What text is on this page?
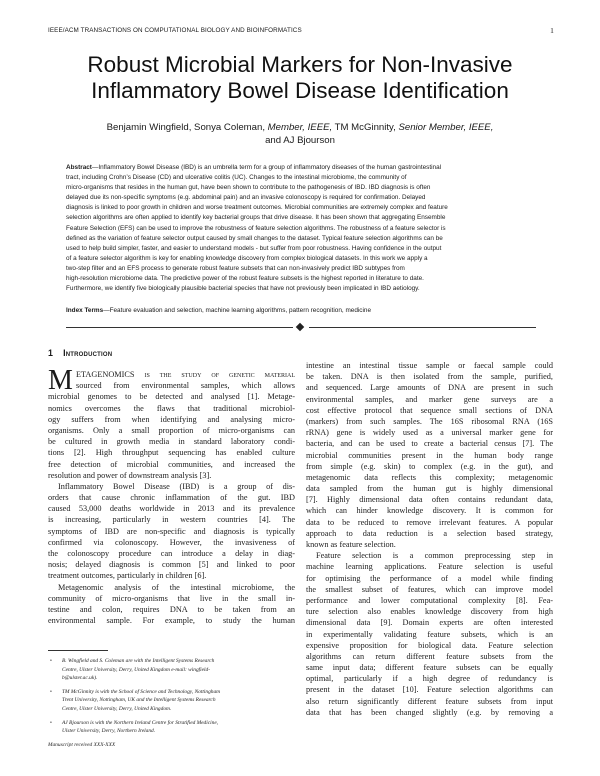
IEEE/ACM TRANSACTIONS ON COMPUTATIONAL BIOLOGY AND BIOINFORMATICS	1
Robust Microbial Markers for Non-Invasive
Inflammatory Bowel Disease Identification
Benjamin Wingfield, Sonya Coleman, Member, IEEE, TM McGinnity, Senior Member, IEEE,
and AJ Bjourson
Abstract—Inflammatory Bowel Disease (IBD) is an umbrella term for a group of inflammatory diseases of the human gastrointestinal
tract, including Crohn’s Disease (CD) and ulcerative colitis (UC). Changes to the intestinal microbiome, the community of
micro-organisms that resides in the human gut, have been shown to contribute to the pathogenesis of IBD. IBD diagnosis is often
delayed due its non-specific symptoms (e.g. abdominal pain) and an invasive colonoscopy is required for confirmation. Delayed
diagnosis is linked to poor growth in children and worse treatment outcomes. Microbial communities are extremely complex and feature
selection algorithms are often applied to identify key bacterial groups that drive disease. It has been shown that aggregating Ensemble
Feature Selection (EFS) can be used to improve the robustness of feature selection algorithms. The robustness of a feature selector is
defined as the variation of feature selector output caused by small changes to the dataset. Typical feature selection algorithms can be
used to help build simpler, faster, and easier to understand models - but suffer from poor robustness. Having confidence in the output
of a feature selector algorithm is key for enabling knowledge discovery from complex biological datasets. In this work we apply a
two-step filter and an EFS process to generate robust feature subsets that can non-invasively predict IBD subtypes from
high-resolution microbiome data. The predictive power of the robust feature subsets is the highest reported in literature to date.
Furthermore, we identify five biologically plausible bacterial species that have not previously been implicated in IBD aetiology.
Index Terms—Feature evaluation and selection, machine learning algorithms, pattern recognition, medicine
1 Introduction
M ETAGENOMICS is the study of genetic material
sourced from environmental samples, which allows
microbial genomes to be detected and analysed [1]. Metage-
nomics overcomes the flaws that traditional microbiol-
ogy suffers from when identifying and analysing micro-
organisms. Only a small proportion of micro-organisms can
be cultured in growth media in standard laboratory condi-
tions [2]. High throughput sequencing has enabled culture
free detection of microbial communities, and increased the
resolution and power of downstream analysis [3].
Inflammatory Bowel Disease (IBD) is a group of dis-
orders that cause chronic inflammation of the gut. IBD
caused 53,000 deaths worldwide in 2013 and its prevalence
is increasing, particularly in western countries [4]. The
symptoms of IBD are non-specific and diagnosis is typically
confirmed via colonoscopy. However, the invasiveness of
the colonoscopy procedure can introduce a delay in diag-
nosis; delayed diagnosis is common [5] and linked to poor
treatment outcomes, particularly in children [6].
Metagenomic analysis of the intestinal microbiome, the
community of micro-organisms that live in the small in-
testine and colon, requires DNA to be taken from an
environmental sample. For example, to study the human
intestine an intestinal tissue sample or faecal sample could
be taken. DNA is then isolated from the sample, purified,
and sequenced. Large amounts of DNA are present in such
environmental samples, and marker gene surveys are a
cost effective protocol that sequence small sections of DNA
(markers) from such samples. The 16S ribosomal RNA (16S
rRNA) gene is widely used as a universal marker gene for
bacteria, and can be used to create a bacterial census [7]. The
microbial communities present in the human body range
from simple (e.g. skin) to complex (e.g. in the gut), and
metagenomic data reflects this complexity; metagenomic
data sampled from the human gut is highly dimensional
[7]. Highly dimensional data often contains redundant data,
which can hinder knowledge discovery. It is common for
data to be reduced to remove irrelevant features. A popular
approach to data reduction is a selection based strategy,
known as feature selection.
Feature selection is a common preprocessing step in
machine learning applications. Feature selection is useful
for optimising the performance of a model while finding
the smallest subset of features, which can improve model
performance and lower computational complexity [8]. Fea-
ture selection also enables knowledge discovery from high
dimensional data [9]. Domain experts are often interested
in experimentally validating feature subsets, which is an
expensive proposition for biological data. Feature selection
algorithms can return different feature subsets from the
same input data; different feature subsets can be equally
optimal, particularly if a high degree of redundancy is
present in the dataset [10]. Feature selection algorithms can
also return significantly different feature subsets from input
data that has been changed slightly (e.g. by removing a
• B. Wingfield and S. Coleman are with the Intelligent Systems Research
Centre, Ulster University, Derry, United Kingdom e-mail: wingfield-
b@ulster.ac.uk).
• TM McGinnity is with the School of Science and Technology, Nottingham
Trent University, Nottingham, UK and the Intelligent Systems Research
Centre, Ulster University, Derry, United Kingdom.
• AJ Bjourson is with the Northern Ireland Centre for Stratified Medicine,
Ulster University, Derry, Northern Ireland.
Manuscript received XXX-XXX
